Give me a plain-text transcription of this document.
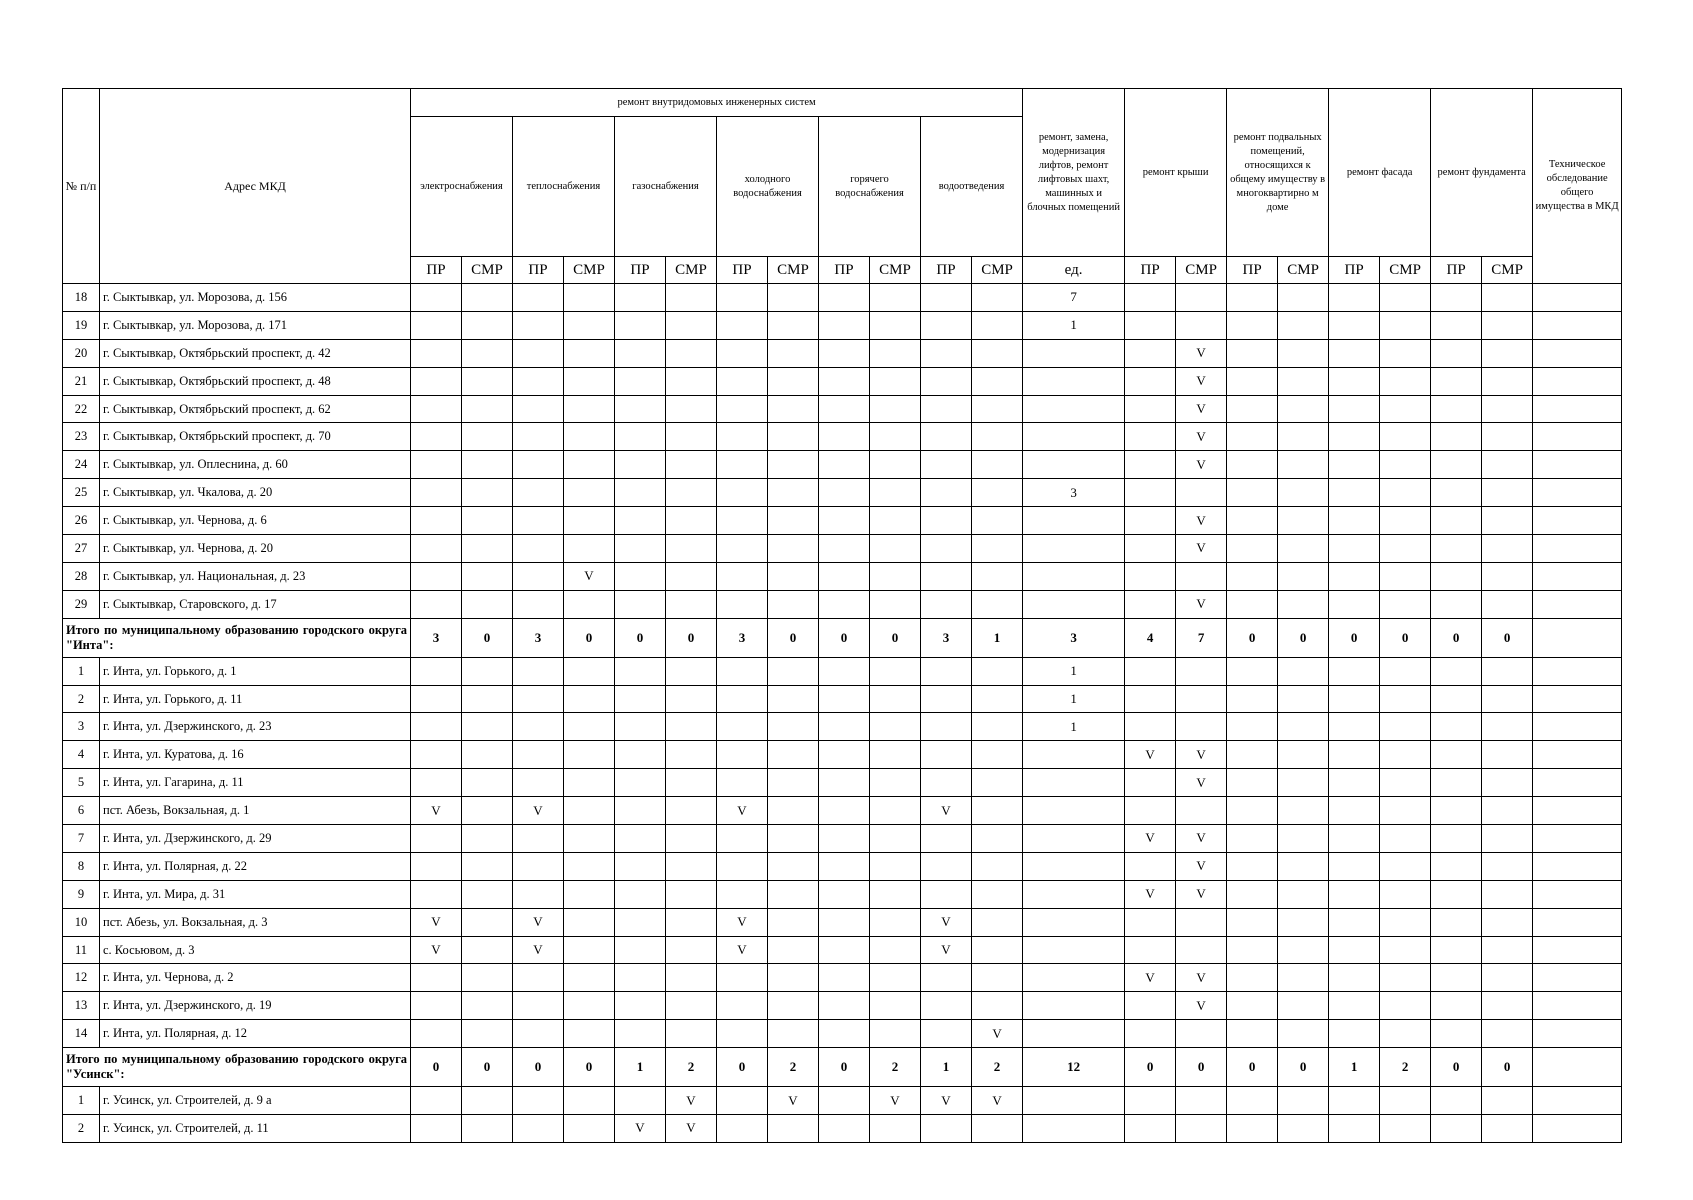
№ п/п	Адрес МКД	ремонт внутридомовых инженерных систем												ремонт, замена, модернизация лифтов, ремонт лифтовых шахт, машинных и блочных помещений	ремонт крыши		ремонт подвальных помещений, относящихся к общему имуществу в многоквартирно м доме		ремонт фасада		ремонт фундамента		Техническое обследование общего имущества в МКД
		электроснабжения		теплоснабжения		газоснабжения		холодного водоснабжения		горячего водоснабжения		водоотведения											
		ПР	СМР	ПР	СМР	ПР	СМР	ПР	СМР	ПР	СМР	ПР	СМР	ед.	ПР	СМР	ПР	СМР	ПР	СМР	ПР	СМР	
18	г. Сыктывкар, ул. Морозова, д. 156													7									
19	г. Сыктывкар, ул. Морозова, д. 171													1									
20	г. Сыктывкар, Октябрьский проспект, д. 42															V							
21	г. Сыктывкар, Октябрьский проспект, д. 48															V							
22	г. Сыктывкар, Октябрьский проспект, д. 62															V							
23	г. Сыктывкар, Октябрьский проспект, д. 70															V							
24	г. Сыктывкар, ул. Оплеснина, д. 60															V							
25	г. Сыктывкар, ул. Чкалова, д. 20													3									
26	г. Сыктывкар, ул. Чернова, д. 6															V							
27	г. Сыктывкар, ул. Чернова, д. 20															V							
28	г. Сыктывкар, ул. Национальная, д. 23				V																		
29	г. Сыктывкар, Старовского, д. 17															V							
Итого по муниципальному образованию городского округа "Инта":		3	0	3	0	0	0	3	0	0	0	3	1	3	4	7	0	0	0	0	0	0	
1	г. Инта, ул. Горького, д. 1													1									
2	г. Инта, ул. Горького, д. 11													1									
3	г. Инта, ул. Дзержинского, д. 23													1									
4	г. Инта, ул. Куратова, д. 16														V	V							
5	г. Инта, ул. Гагарина, д. 11															V							
6	пст. Абезь, Вокзальная, д. 1	V		V				V				V											
7	г. Инта, ул. Дзержинского, д. 29														V	V							
8	г. Инта, ул. Полярная, д. 22															V							
9	г. Инта, ул. Мира, д. 31														V	V							
10	пст. Абезь, ул. Вокзальная, д. 3	V		V				V				V											
11	с. Косьювом, д. 3	V		V				V				V											
12	г. Инта, ул. Чернова, д. 2														V	V							
13	г. Инта, ул. Дзержинского, д. 19															V							
14	г. Инта, ул. Полярная, д. 12												V										
Итого по муниципальному образованию городского округа "Усинск":		0	0	0	0	1	2	0	2	0	2	1	2	12	0	0	0	0	1	2	0	0	
1	г. Усинск, ул. Строителей, д. 9 а						V		V		V	V	V										
2	г. Усинск, ул. Строителей, д. 11					V	V																
